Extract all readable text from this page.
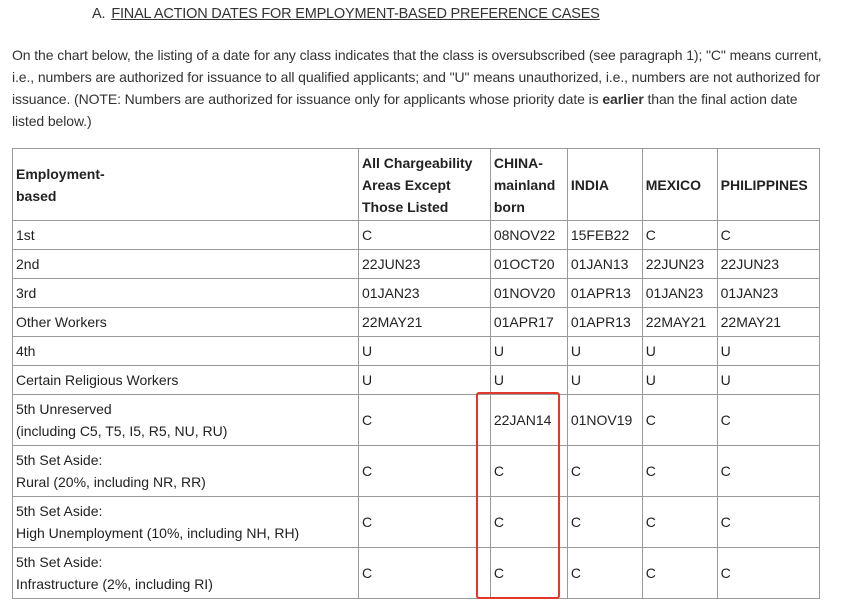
A. FINAL ACTION DATES FOR EMPLOYMENT-BASED PREFERENCE CASES
On the chart below, the listing of a date for any class indicates that the class is oversubscribed (see paragraph 1); "C" means current, i.e., numbers are authorized for issuance to all qualified applicants; and "U" means unauthorized, i.e., numbers are not authorized for issuance. (NOTE: Numbers are authorized for issuance only for applicants whose priority date is earlier than the final action date listed below.)
Employment-
based	All Chargeability
Areas Except
Those Listed	CHINA-
mainland
born	INDIA	MEXICO	PHILIPPINES

1st	C	08NOV22	15FEB22	C	C

2nd	22JUN23	01OCT20	01JAN13	22JUN23	22JUN23

3rd	01JAN23	01NOV20	01APR13	01JAN23	01JAN23

Other Workers	22MAY21	01APR17	01APR13	22MAY21	22MAY21

4th	U	U	U	U	U

Certain Religious Workers	U	U	U	U	U

5th Unreserved
(including C5, T5, I5, R5, NU, RU)	C	22JAN14	01NOV19	C	C

5th Set Aside:
Rural (20%, including NR, RR)	C	C	C	C	C

5th Set Aside:
High Unemployment (10%, including NH, RH)	C	C	C	C	C

5th Set Aside:
Infrastructure (2%, including RI)	C	C	C	C	C
